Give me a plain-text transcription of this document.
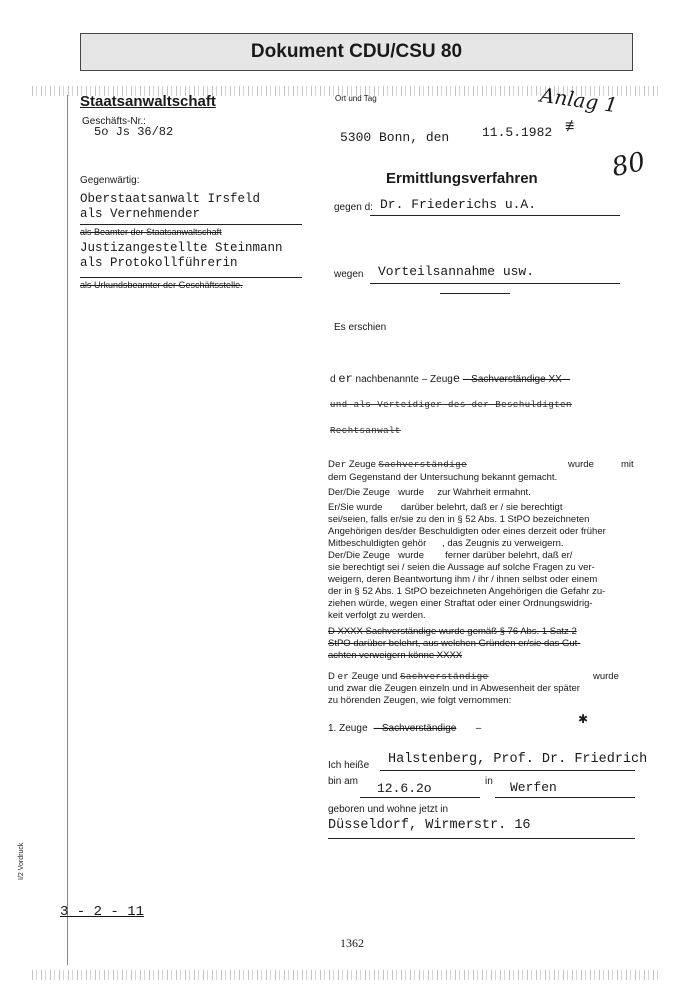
Dokument CDU/CSU 80
Staatsanwaltschaft
Geschäfts-Nr.:
5o Js 36/82
Ort und Tag
5300 Bonn, den	11.5.1982
Anlag 1
80
≢
Gegenwärtig:
Oberstaatsanwalt Irsfeld
als Vernehmender
als Beamter der Staatsanwaltschaft
Justizangestellte Steinmann
als Protokollführerin
als Urkundsbeamter der Geschäftsstelle.
Ermittlungsverfahren
gegen d: Dr. Friederichs u.A.
wegen Vorteilsannahme usw.
Es erschien
d er nachbenannte – Zeuge – Sachverständige XX –
und als Verteidiger des der Beschuldigten
Rechtsanwalt
Der Zeuge Sachverständige	wurde	mit
dem Gegenstand der Untersuchung bekannt gemacht.
Der/Die Zeuge wurde zur Wahrheit ermahnt.
Er/Sie wurde darüber belehrt, daß er / sie berechtigt
sei/seien, falls er/sie zu den in § 52 Abs. 1 StPO bezeichneten
Angehörigen des/der Beschuldigten oder eines derzeit oder früher
Mitbeschuldigten gehör , das Zeugnis zu verweigern.
Der/Die Zeuge wurde ferner darüber belehrt, daß er/
sie berechtigt sei / seien die Aussage auf solche Fragen zu ver-
weigern, deren Beantwortung ihm / ihr / ihnen selbst oder einem
der in § 52 Abs. 1 StPO bezeichneten Angehörigen die Gefahr zu-
ziehen würde, wegen einer Straftat oder einer Ordnungswidrig-
keit verfolgt zu werden.
D XXXX Sachverständige wurde gemäß § 76 Abs. 1 Satz 2
StPO darüber belehrt, aus welchen Gründen er/sie das Gut-
achten verweigern könne XXXX
D er Zeuge und Sachverständige	wurde
und zwar die Zeugen einzeln und in Abwesenheit der später
zu hörenden Zeugen, wie folgt vernommen:
1. Zeuge – Sachverständige –
✱
Ich heiße Halstenberg, Prof. Dr. Friedrich
bin am 12.6.2o	in Werfen
geboren und wohne jetzt in
Düsseldorf, Wirmerstr. 16
I/2 Vordruck
3 - 2 - 11
1362
